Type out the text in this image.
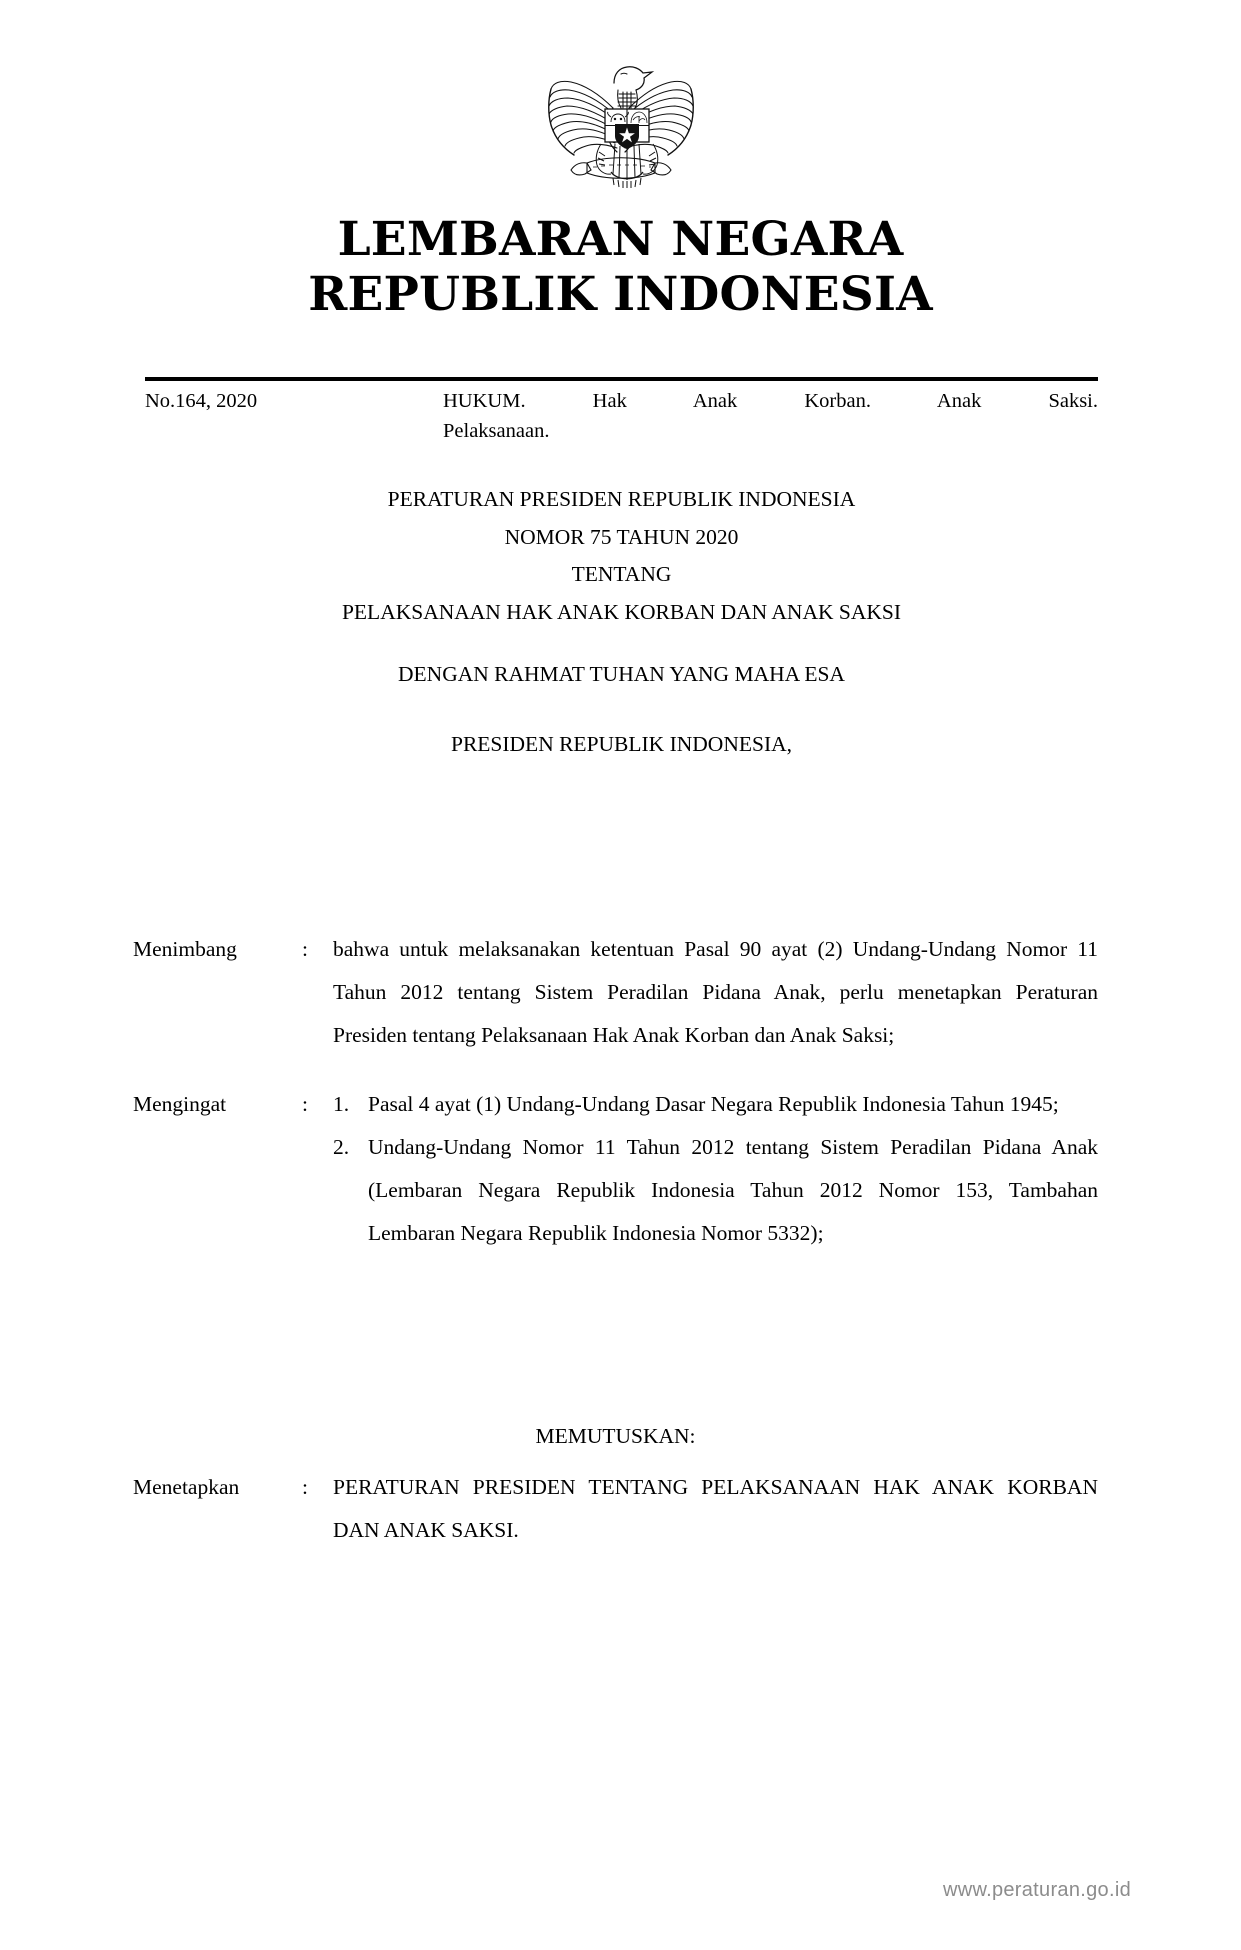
LEMBARAN NEGARA
REPUBLIK INDONESIA
No.164, 2020	HUKUM. Hak Anak Korban. Anak Saksi.
Pelaksanaan.
PERATURAN PRESIDEN REPUBLIK INDONESIA
NOMOR 75 TAHUN 2020
TENTANG
PELAKSANAAN HAK ANAK KORBAN DAN ANAK SAKSI
DENGAN RAHMAT TUHAN YANG MAHA ESA
PRESIDEN REPUBLIK INDONESIA,
Menimbang	:	bahwa untuk melaksanakan ketentuan Pasal 90 ayat (2) Undang-Undang Nomor 11 Tahun 2012 tentang Sistem Peradilan Pidana Anak, perlu menetapkan Peraturan Presiden tentang Pelaksanaan Hak Anak Korban dan Anak Saksi;

Mengingat	:	1. Pasal 4 ayat (1) Undang-Undang Dasar Negara Republik Indonesia Tahun 1945;
2. Undang-Undang Nomor 11 Tahun 2012 tentang Sistem Peradilan Pidana Anak (Lembaran Negara Republik Indonesia Tahun 2012 Nomor 153, Tambahan Lembaran Negara Republik Indonesia Nomor 5332);
MEMUTUSKAN:
Menetapkan	:	PERATURAN PRESIDEN TENTANG PELAKSANAAN HAK ANAK KORBAN DAN ANAK SAKSI.

www.peraturan.go.id
